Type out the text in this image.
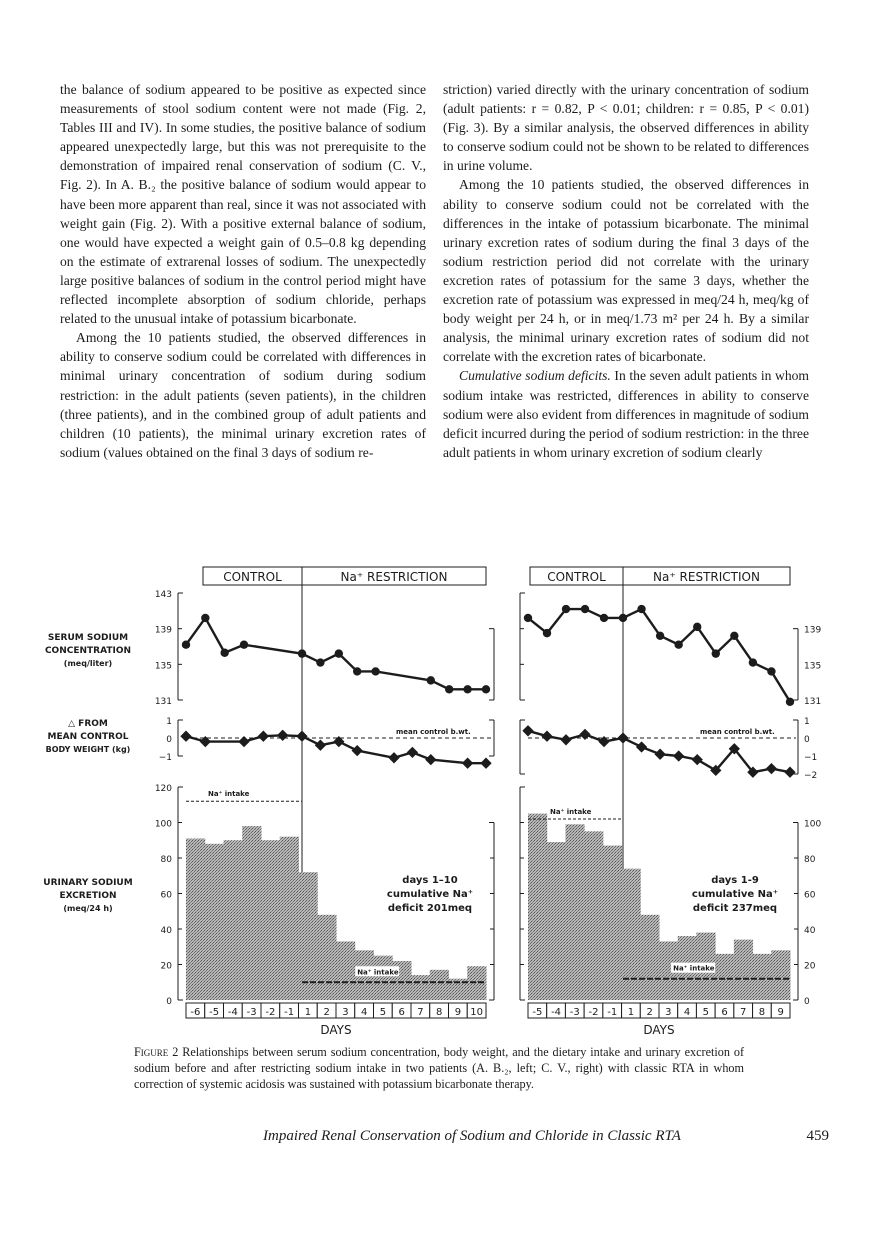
the balance of sodium appeared to be positive as expected since measurements of stool sodium content were not made (Fig. 2, Tables III and IV). In some studies, the positive balance of sodium appeared unexpectedly large, but this was not prerequisite to the demonstration of impaired renal conservation of sodium (C. V., Fig. 2). In A. B.₂ the positive balance of sodium would appear to have been more apparent than real, since it was not associated with weight gain (Fig. 2). With a positive external balance of sodium, one would have expected a weight gain of 0.5–0.8 kg depending on the estimate of extrarenal losses of sodium. The unexpectedly large positive balances of sodium in the control period might have reflected incomplete absorption of sodium chloride, perhaps related to the unusual intake of potassium bicarbonate.

Among the 10 patients studied, the observed differences in ability to conserve sodium could be correlated with differences in minimal urinary concentration of sodium during sodium restriction: in the adult patients (seven patients), in the children (three patients), and in the combined group of adult patients and children (10 patients), the minimal urinary excretion rates of sodium (values obtained on the final 3 days of sodium re-

striction) varied directly with the urinary concentration of sodium (adult patients: r = 0.82, P < 0.01; children: r = 0.85, P < 0.01) (Fig. 3). By a similar analysis, the observed differences in ability to conserve sodium could not be shown to be related to differences in urine volume.

Among the 10 patients studied, the observed differences in ability to conserve sodium could not be correlated with the differences in the intake of potassium bicarbonate. The minimal urinary excretion rates of sodium during the final 3 days of the sodium restriction period did not correlate with the urinary excretion rates of potassium for the same 3 days, whether the excretion rate of potassium was expressed in meq/24 h, meq/kg of body weight per 24 h, or in meq/1.73 m² per 24 h. By a similar analysis, the minimal urinary excretion rates of sodium did not correlate with the excretion rates of bicarbonate.

Cumulative sodium deficits. In the seven adult patients in whom sodium intake was restricted, differences in ability to conserve sodium were also evident from differences in magnitude of sodium deficit incurred during the period of sodium restriction: in the three adult patients in whom urinary excretion of sodium clearly

SERUM SODIUM
CONCENTRATION
(meq/liter)
△ FROM
MEAN CONTROL
BODY WEIGHT (kg)
URINARY SODIUM
EXCRETION
(meq/24 h)
CONTROL	Na⁺ RESTRICTION
143
139
135
131
−1
0
1
mean control b.wt.
0
20
40
60
80
100
120
Na⁺ intake
Na⁺ intake
days 1–10
cumulative Na⁺
deficit 201meq
-6 -5 -4 -3 -2 -1 1 2 3 4 5 6 7 8 9 10
DAYS
CONTROL	Na⁺ RESTRICTION
139
135
131
−2
−1
0
1
mean control b.wt.
0
20
40
60
80
100
Na⁺ intake
Na⁺ intake
days 1-9
cumulative Na⁺
deficit 237meq
-5 -4 -3 -2 -1 1 2 3 4 5 6 7 8 9
DAYS
Figure 2 Relationships between serum sodium concentration, body weight, and the dietary intake and urinary excretion of sodium before and after restricting sodium intake in two patients (A. B.₂, left; C. V., right) with classic RTA in whom correction of systemic acidosis was sustained with potassium bicarbonate therapy.
Impaired Renal Conservation of Sodium and Chloride in Classic RTA	459
